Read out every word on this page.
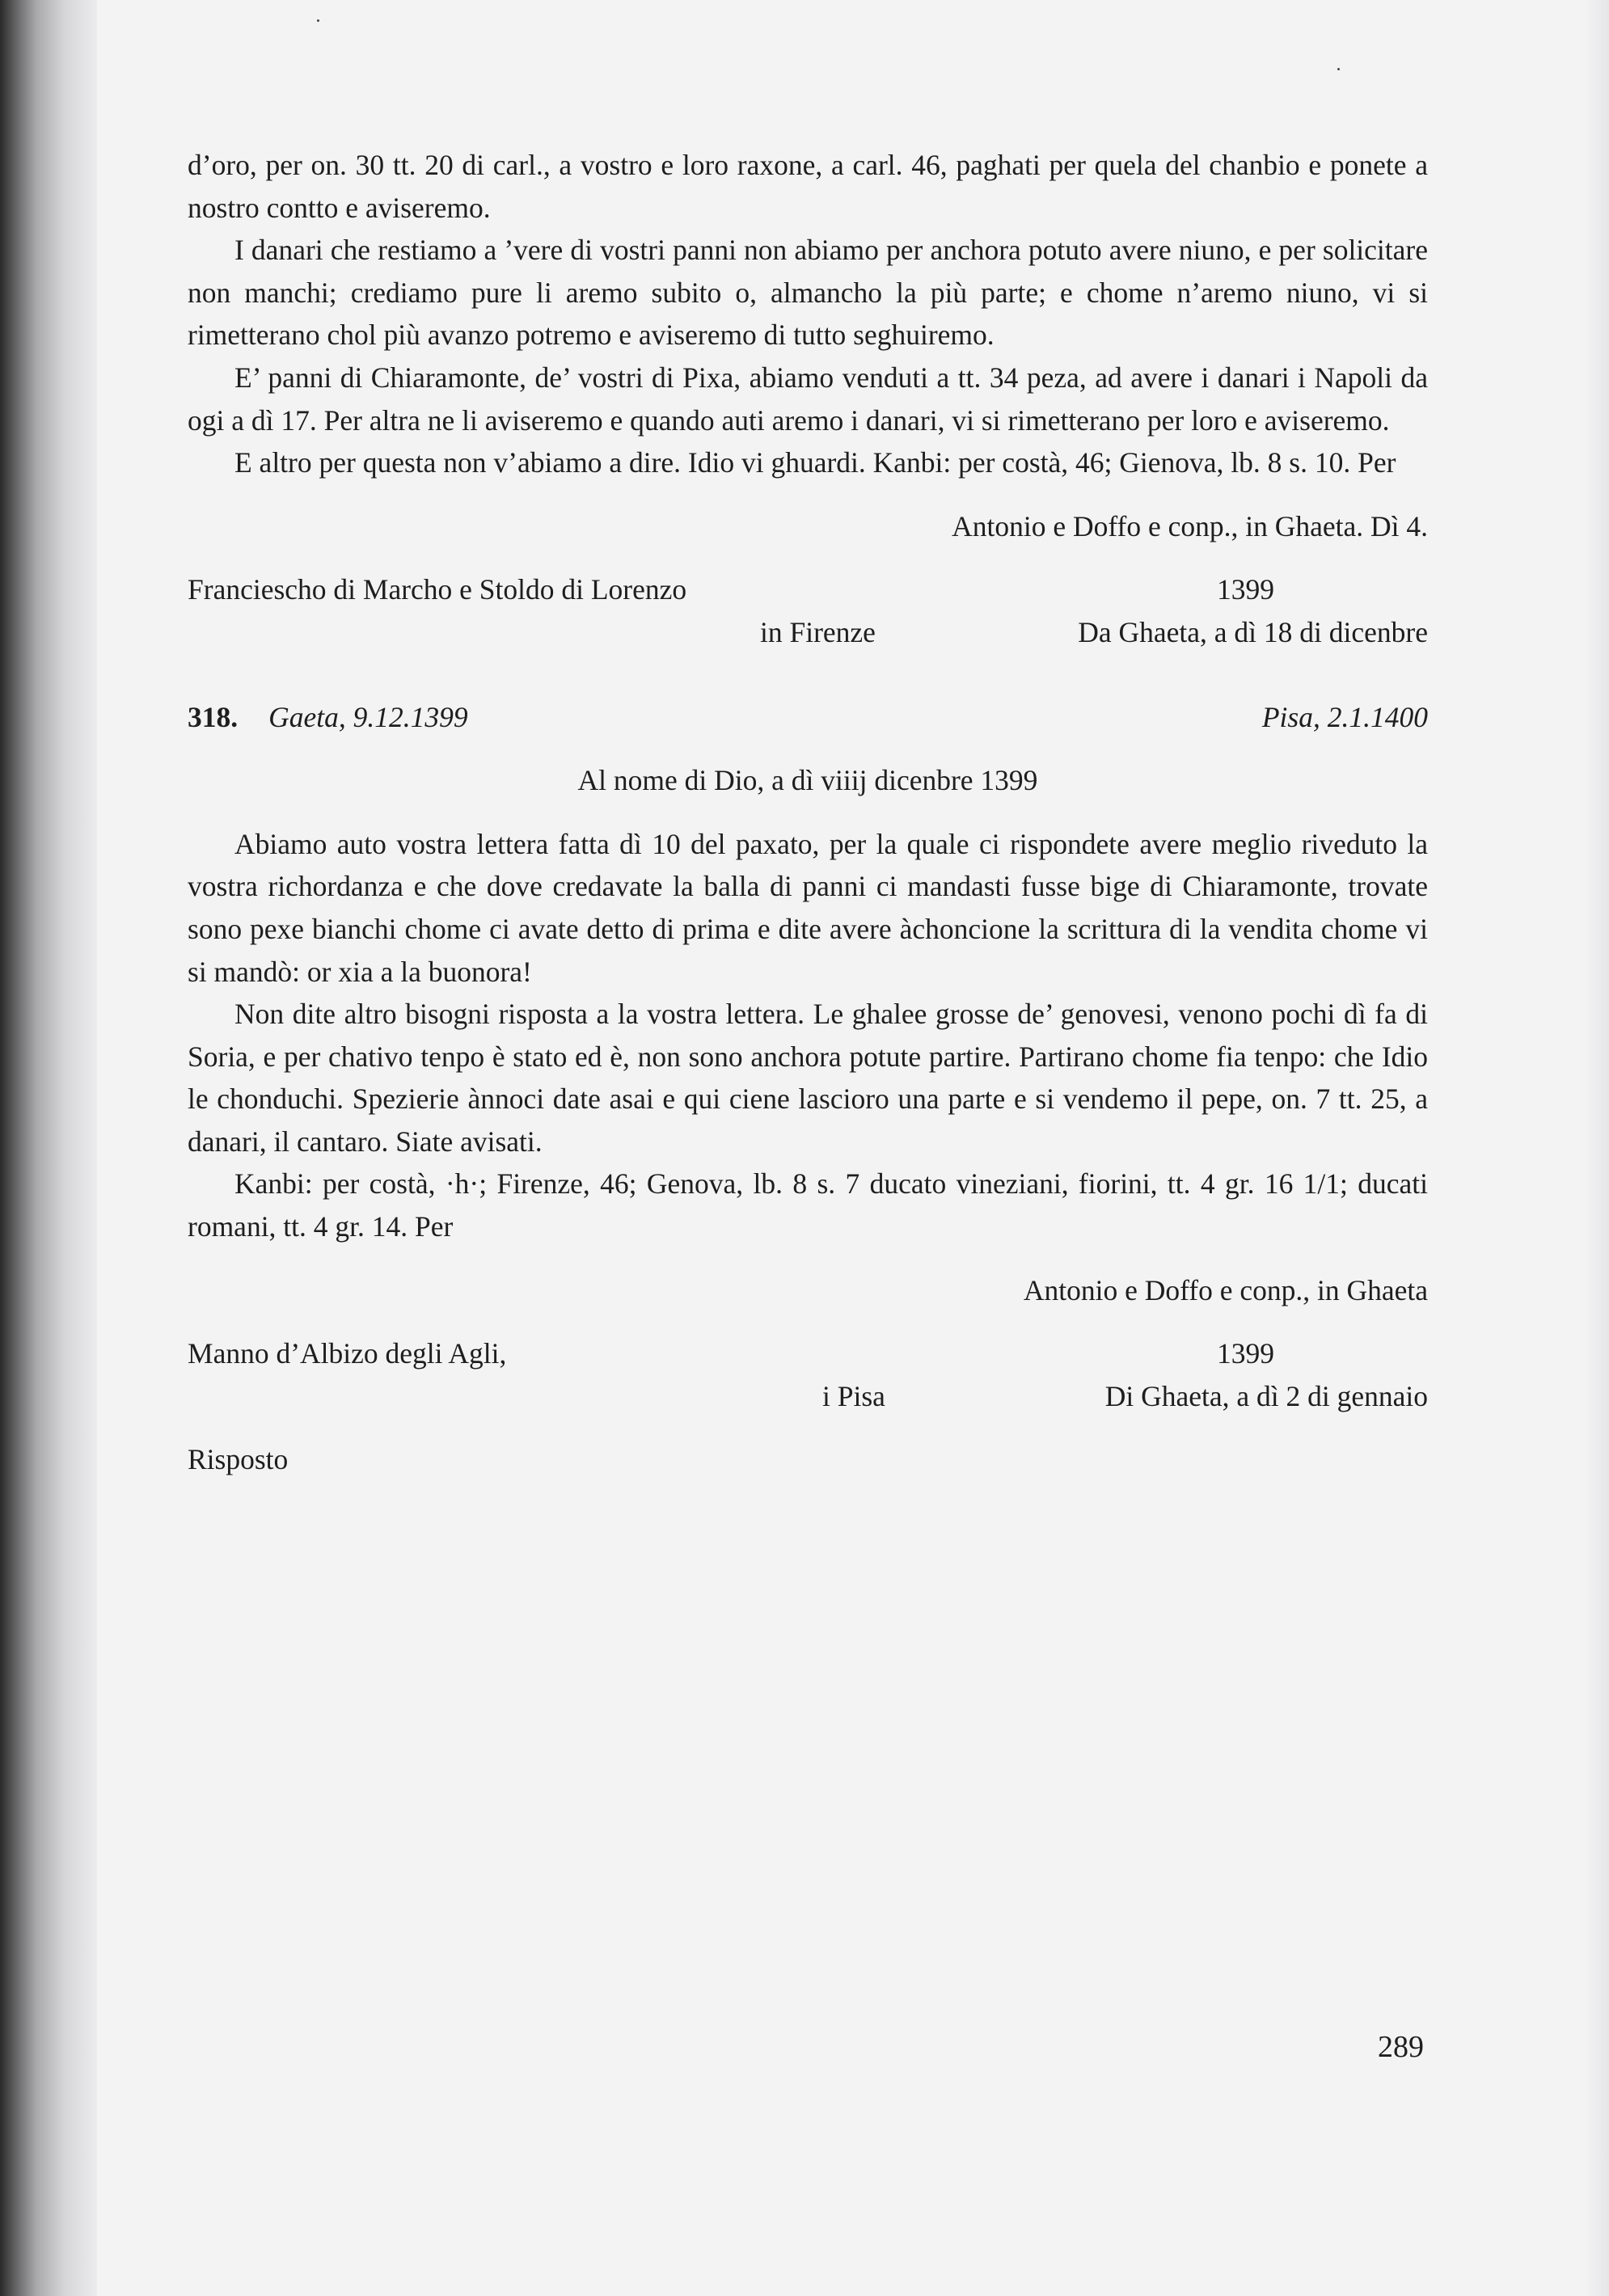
d’oro, per on. 30 tt. 20 di carl., a vostro e loro raxone, a carl. 46, paghati per quela del chanbio e ponete a nostro contto e aviseremo.

I danari che restiamo a ’vere di vostri panni non abiamo per anchora potuto avere niuno, e per solicitare non manchi; crediamo pure li aremo subito o, almancho la più parte; e chome n’aremo niuno, vi si rimetterano chol più avanzo potremo e aviseremo di tutto seghuiremo.

E’ panni di Chiaramonte, de’ vostri di Pixa, abiamo venduti a tt. 34 peza, ad avere i danari i Napoli da ogi a dì 17. Per altra ne li aviseremo e quando auti aremo i danari, vi si rimetterano per loro e aviseremo.

E altro per questa non v’abiamo a dire. Idio vi ghuardi. Kanbi: per costà, 46; Gienova, lb. 8 s. 10. Per

Antonio e Doffo e conp., in Ghaeta. Dì 4.

Franciescho di Marcho e Stoldo di Lorenzo	1399
in Firenze	Da Ghaeta, a dì 18 di dicenbre
318. Gaeta, 9.12.1399	Pisa, 2.1.1400

Al nome di Dio, a dì viiij dicenbre 1399

Abiamo auto vostra lettera fatta dì 10 del paxato, per la quale ci rispondete avere meglio riveduto la vostra richordanza e che dove credavate la balla di panni ci mandasti fusse bige di Chiaramonte, trovate sono pexe bianchi chome ci avate detto di prima e dite avere àchoncione la scrittura di la vendita chome vi si mandò: or xia a la buonora!

Non dite altro bisogni risposta a la vostra lettera. Le ghalee grosse de’ genovesi, venono pochi dì fa di Soria, e per chativo tenpo è stato ed è, non sono anchora potute partire. Partirano chome fia tenpo: che Idio le chonduchi. Spezierie ànnoci date asai e qui ciene lascioro una parte e si vendemo il pepe, on. 7 tt. 25, a danari, il cantaro. Siate avisati.

Kanbi: per costà, ·h·; Firenze, 46; Genova, lb. 8 s. 7 ducato vineziani, fiorini, tt. 4 gr. 16 1/1; ducati romani, tt. 4 gr. 14. Per

Antonio e Doffo e conp., in Ghaeta

Manno d’Albizo degli Agli,	1399
i Pisa	Di Ghaeta, a dì 2 di gennaio

Risposto

289
